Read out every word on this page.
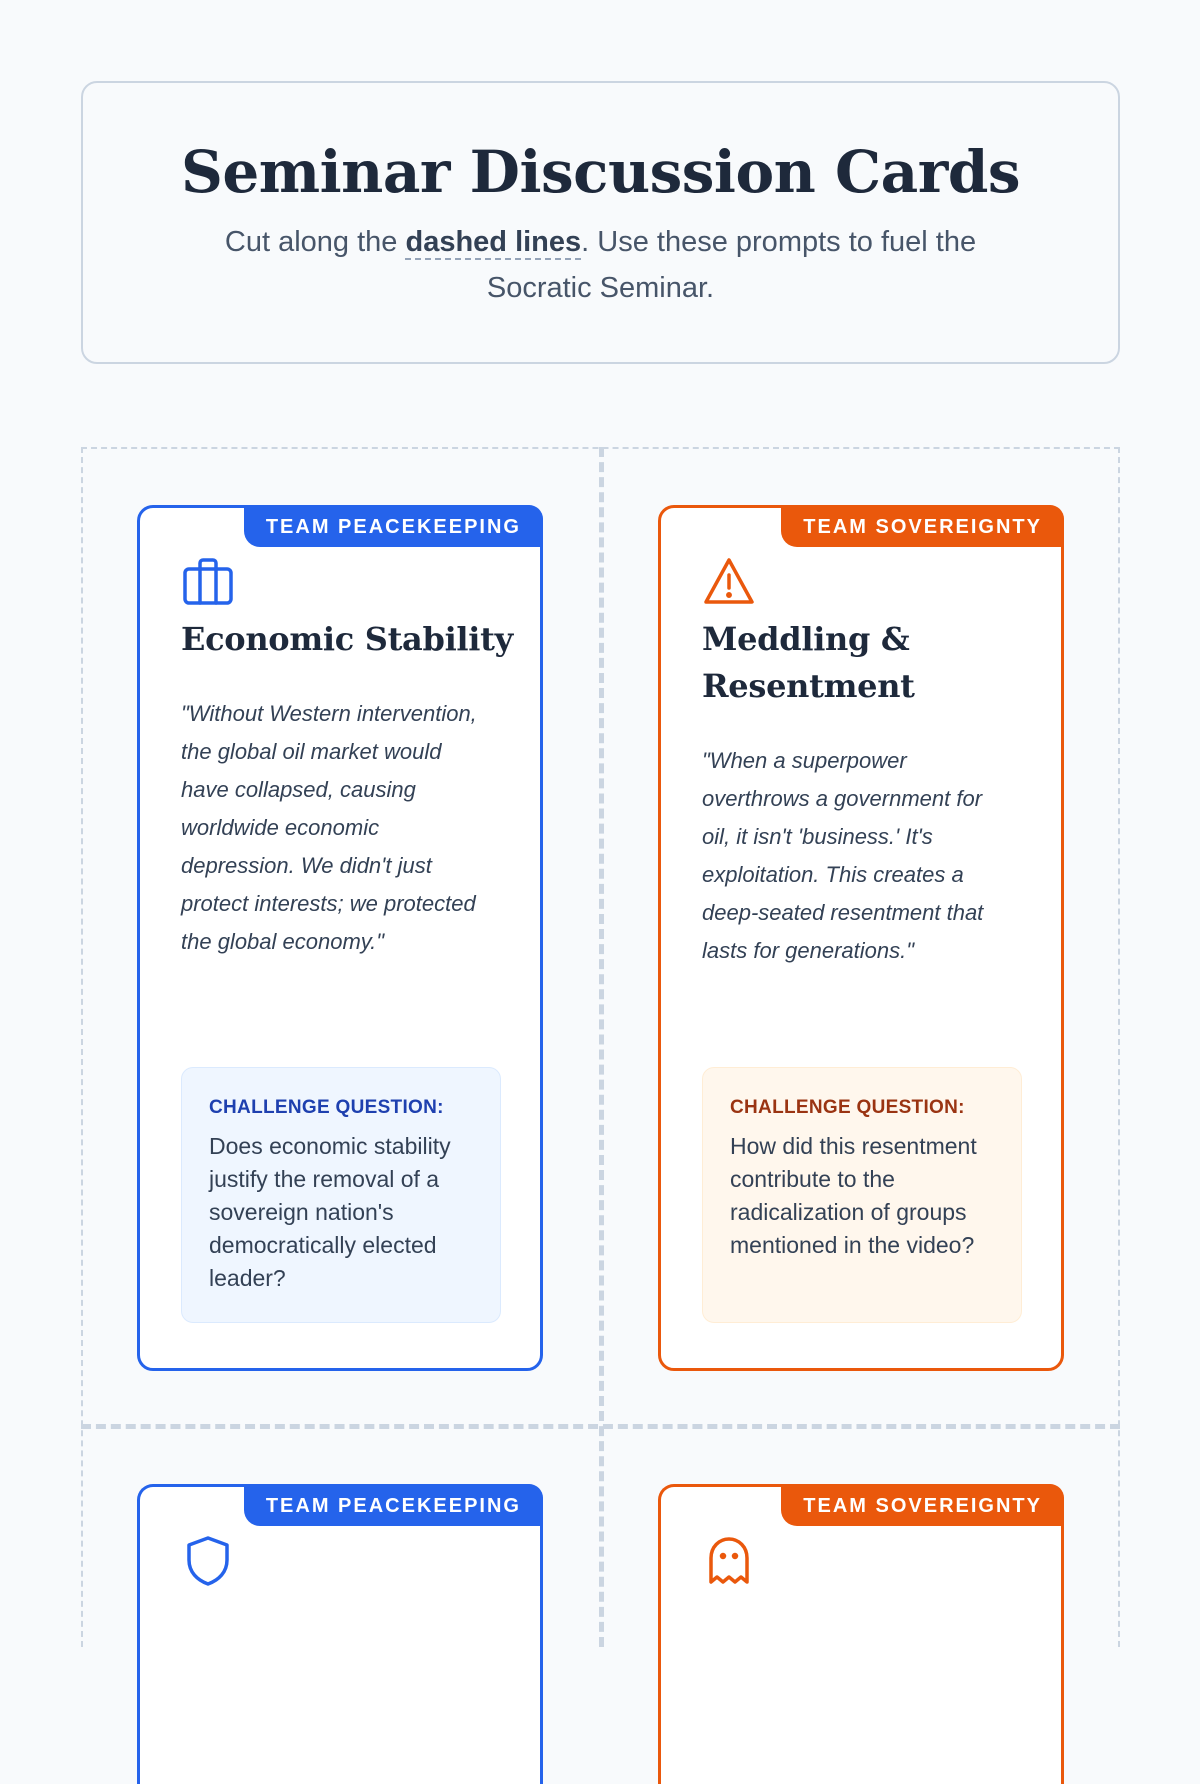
Seminar Discussion Cards

Cut along the dashed lines. Use these prompts to fuel the Socratic Seminar.

TEAM PEACEKEEPING
Economic Stability

"Without Western intervention, the global oil market would have collapsed, causing worldwide economic depression. We didn't just protect interests; we protected the global economy."

CHALLENGE QUESTION:
Does economic stability justify the removal of a sovereign nation's democratically elected leader?
TEAM SOVEREIGNTY
Meddling & Resentment

"When a superpower overthrows a government for oil, it isn't 'business.' It's exploitation. This creates a deep-seated resentment that lasts for generations."

CHALLENGE QUESTION:
How did this resentment contribute to the radicalization of groups mentioned in the video?
TEAM PEACEKEEPING	TEAM SOVEREIGNTY
